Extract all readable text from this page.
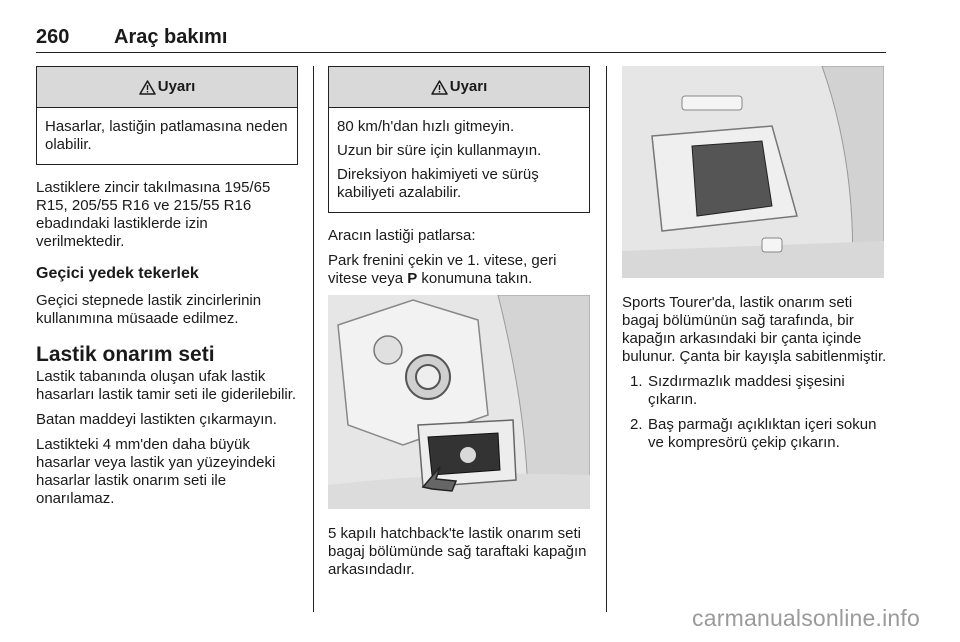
260 Araç bakımı
Uyarı

Hasarlar, lastiğin patlamasına neden olabilir.

Lastiklere zincir takılmasına 195/65 R15, 205/55 R16 ve 215/55 R16 ebadındaki lastiklerde izin verilmektedir.

Geçici yedek tekerlek

Geçici stepnede lastik zincirlerinin kullanımına müsaade edilmez.

Lastik onarım seti

Lastik tabanında oluşan ufak lastik hasarları lastik tamir seti ile giderilebilir.

Batan maddeyi lastikten çıkarmayın.

Lastikteki 4 mm'den daha büyük hasarlar veya lastik yan yüzeyindeki hasarlar lastik onarım seti ile onarılamaz.

Uyarı

80 km/h'dan hızlı gitmeyin.

Uzun bir süre için kullanmayın.

Direksiyon hakimiyeti ve sürüş kabiliyeti azalabilir.

Aracın lastiği patlarsa:

Park frenini çekin ve 1. vitese, geri vitese veya P konumuna takın.

5 kapılı hatchback'te lastik onarım seti bagaj bölümünde sağ taraftaki kapağın arkasındadır.

Sports Tourer'da, lastik onarım seti bagaj bölümünün sağ tarafında, bir kapağın arkasındaki bir çanta içinde bulunur. Çanta bir kayışla sabitlenmiştir.

1. Sızdırmazlık maddesi şişesini çıkarın.
2. Baş parmağı açıklıktan içeri sokun ve kompresörü çekip çıkarın.
carmanualsonline.info
